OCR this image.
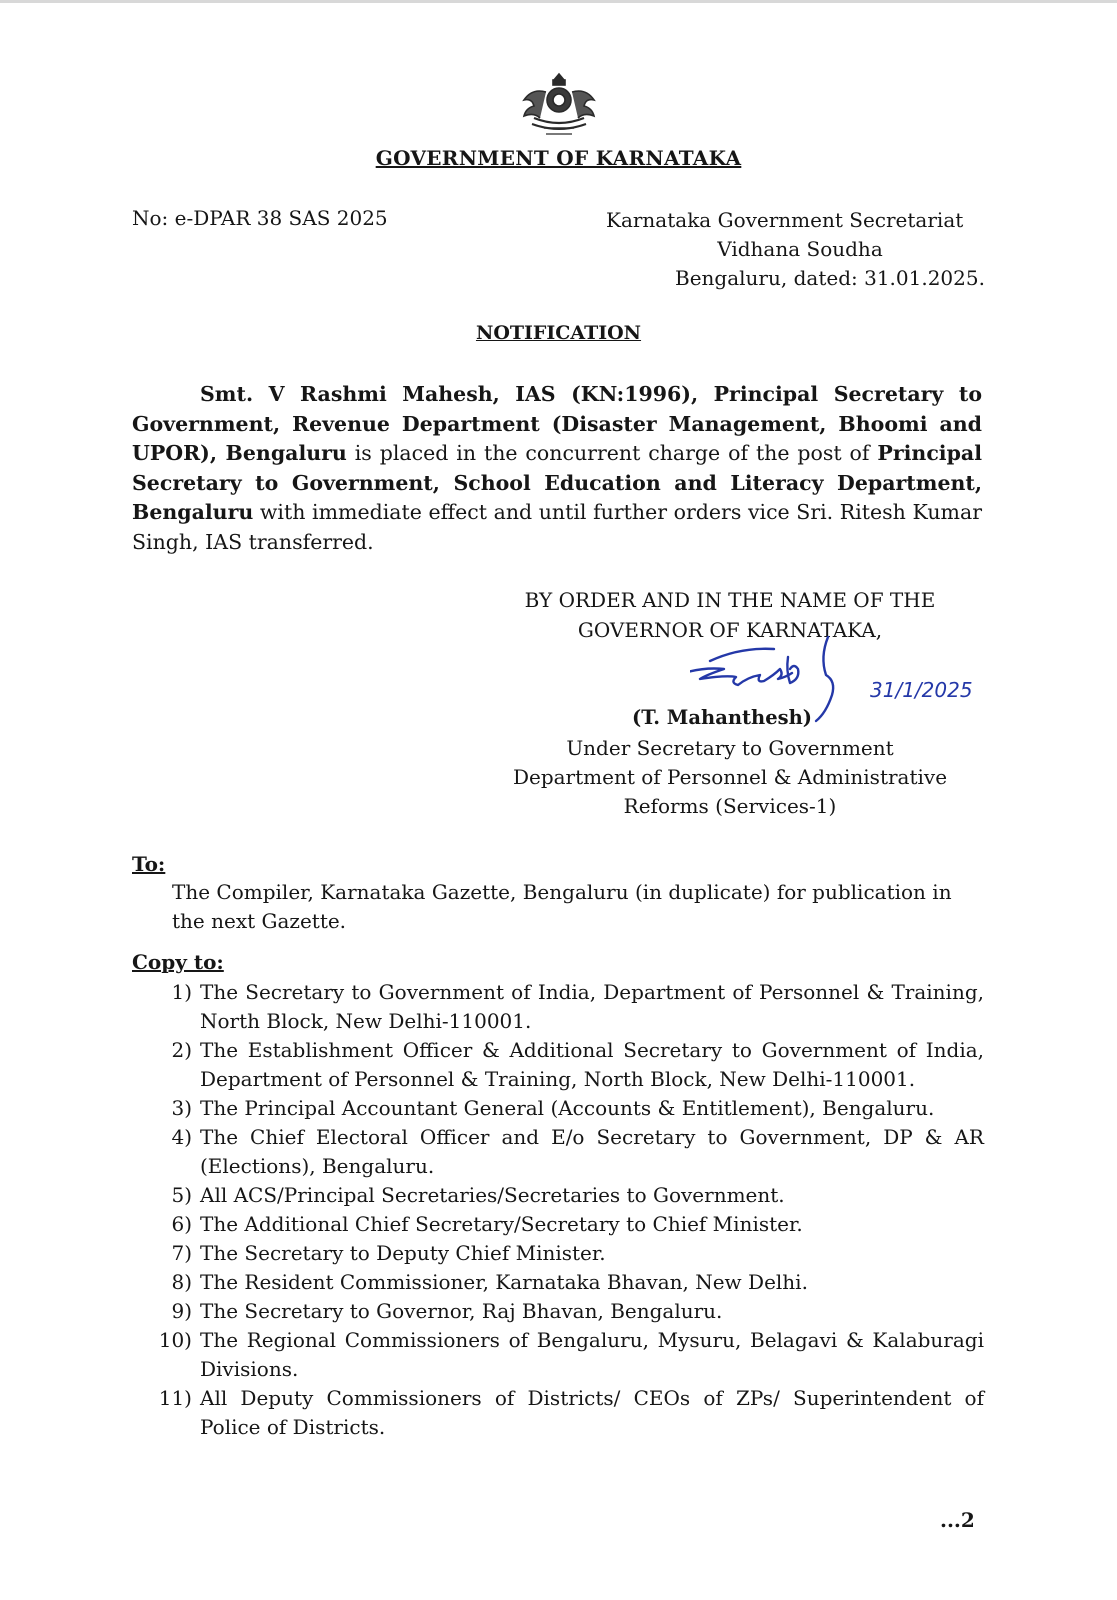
GOVERNMENT OF KARNATAKA
No: e-DPAR 38 SAS 2025	Karnataka Government Secretariat
Vidhana Soudha
Bengaluru, dated: 31.01.2025.
NOTIFICATION

Smt. V Rashmi Mahesh, IAS (KN:1996), Principal Secretary to Government, Revenue Department (Disaster Management, Bhoomi and UPOR), Bengaluru is placed in the concurrent charge of the post of Principal Secretary to Government, School Education and Literacy Department, Bengaluru with immediate effect and until further orders vice Sri. Ritesh Kumar Singh, IAS transferred.

BY ORDER AND IN THE NAME OF THE
GOVERNOR OF KARNATAKA,
31/1/2025
(T. Mahanthesh)
Under Secretary to Government
Department of Personnel & Administrative
Reforms (Services-1)
To:

The Compiler, Karnataka Gazette, Bengaluru (in duplicate) for publication in the next Gazette.

Copy to:
1) The Secretary to Government of India, Department of Personnel & Training, North Block, New Delhi-110001.
2) The Establishment Officer & Additional Secretary to Government of India, Department of Personnel & Training, North Block, New Delhi-110001.
3) The Principal Accountant General (Accounts & Entitlement), Bengaluru.
4) The Chief Electoral Officer and E/o Secretary to Government, DP & AR (Elections), Bengaluru.
5) All ACS/Principal Secretaries/Secretaries to Government.
6) The Additional Chief Secretary/Secretary to Chief Minister.
7) The Secretary to Deputy Chief Minister.
8) The Resident Commissioner, Karnataka Bhavan, New Delhi.
9) The Secretary to Governor, Raj Bhavan, Bengaluru.
10) The Regional Commissioners of Bengaluru, Mysuru, Belagavi & Kalaburagi Divisions.
11) All Deputy Commissioners of Districts/ CEOs of ZPs/ Superintendent of Police of Districts.
...2
